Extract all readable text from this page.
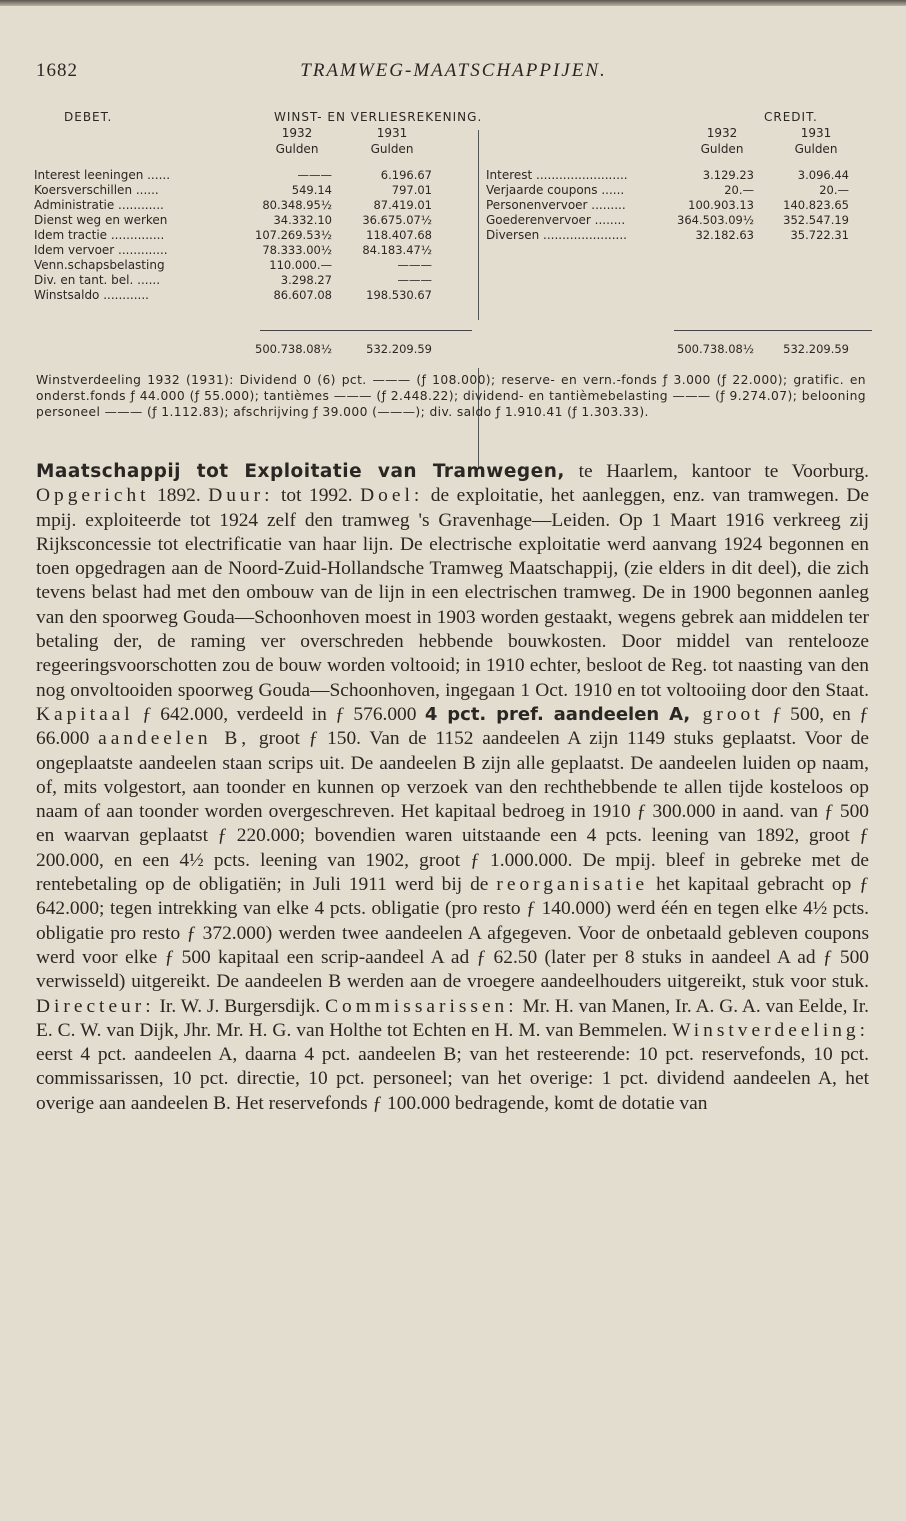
1682	TRAMWEG-MAATSCHAPPIJEN.
DEBET.	WINST- EN VERLIESREKENING.	CREDIT.
1932	1931
Gulden	Gulden
1932	1931
Gulden	Gulden
Interest leeningen ......	———	6.196.67
Koersverschillen ......	549.14	797.01
Administratie ............	80.348.95½	87.419.01
Dienst weg en werken	34.332.10	36.675.07½
Idem tractie ..............	107.269.53½	118.407.68
Idem vervoer .............	78.333.00½	84.183.47½
Venn.schapsbelasting	110.000.—	———
Div. en tant. bel. ......	3.298.27	———
Winstsaldo ............	86.607.08	198.530.67
Interest ........................	3.129.23	3.096.44
Verjaarde coupons ......	20.—	20.—
Personenvervoer .........	100.903.13	140.823.65
Goederenvervoer ........	364.503.09½	352.547.19
Diversen ......................	32.182.63	35.722.31
500.738.08½	532.209.59	500.738.08½	532.209.59

Winstverdeeling 1932 (1931): Dividend 0 (6) pct. ——— (ƒ 108.000); reserve- en vern.-fonds ƒ 3.000 (ƒ 22.000); gratific. en onderst.fonds ƒ 44.000 (ƒ 55.000); tantièmes ——— (ƒ 2.448.22); dividend- en tantièmebelasting ——— (ƒ 9.274.07); belooning personeel ——— (ƒ 1.112.83); afschrijving ƒ 39.000 (———); div. saldo ƒ 1.910.41 (ƒ 1.303.33).

Maatschappij tot Exploitatie van Tramwegen, te Haarlem, kantoor te Voorburg. Opgericht 1892. Duur: tot 1992. Doel: de exploitatie, het aanleggen, enz. van tramwegen. De mpij. exploiteerde tot 1924 zelf den tramweg 's Gravenhage—Leiden. Op 1 Maart 1916 verkreeg zij Rijksconcessie tot electrificatie van haar lijn. De electrische exploitatie werd aanvang 1924 begonnen en toen opgedragen aan de Noord-Zuid-Hollandsche Tramweg Maatschappij, (zie elders in dit deel), die zich tevens belast had met den ombouw van de lijn in een electrischen tramweg. De in 1900 begonnen aanleg van den spoorweg Gouda—Schoonhoven moest in 1903 worden gestaakt, wegens gebrek aan middelen ter betaling der, de raming ver overschreden hebbende bouwkosten. Door middel van rentelooze regeeringsvoorschotten zou de bouw worden voltooid; in 1910 echter, besloot de Reg. tot naasting van den nog onvoltooiden spoorweg Gouda—Schoonhoven, ingegaan 1 Oct. 1910 en tot voltooiing door den Staat. Kapitaal ƒ 642.000, verdeeld in ƒ 576.000 4 pct. pref. aandeelen A, groot ƒ 500, en ƒ 66.000 aandeelen B, groot ƒ 150. Van de 1152 aandeelen A zijn 1149 stuks geplaatst. Voor de ongeplaatste aandeelen staan scrips uit. De aandeelen B zijn alle geplaatst. De aandeelen luiden op naam, of, mits volgestort, aan toonder en kunnen op verzoek van den rechthebbende te allen tijde kosteloos op naam of aan toonder worden overgeschreven. Het kapitaal bedroeg in 1910 ƒ 300.000 in aand. van ƒ 500 en waarvan geplaatst ƒ 220.000; bovendien waren uitstaande een 4 pcts. leening van 1892, groot ƒ 200.000, en een 4½ pcts. leening van 1902, groot ƒ 1.000.000. De mpij. bleef in gebreke met de rentebetaling op de obligatiën; in Juli 1911 werd bij de reorganisatie het kapitaal gebracht op ƒ 642.000; tegen intrekking van elke 4 pcts. obligatie (pro resto ƒ 140.000) werd één en tegen elke 4½ pcts. obligatie pro resto ƒ 372.000) werden twee aandeelen A afgegeven. Voor de onbetaald gebleven coupons werd voor elke ƒ 500 kapitaal een scrip-aandeel A ad ƒ 62.50 (later per 8 stuks in aandeel A ad ƒ 500 verwisseld) uitgereikt. De aandeelen B werden aan de vroegere aandeelhouders uitgereikt, stuk voor stuk. Directeur: Ir. W. J. Burgersdijk. Commissarissen: Mr. H. van Manen, Ir. A. G. A. van Eelde, Ir. E. C. W. van Dijk, Jhr. Mr. H. G. van Holthe tot Echten en H. M. van Bemmelen. Winstverdeeling: eerst 4 pct. aandeelen A, daarna 4 pct. aandeelen B; van het resteerende: 10 pct. reservefonds, 10 pct. commissarissen, 10 pct. directie, 10 pct. personeel; van het overige: 1 pct. dividend aandeelen A, het overige aan aandeelen B. Het reservefonds ƒ 100.000 bedragende, komt de dotatie van
